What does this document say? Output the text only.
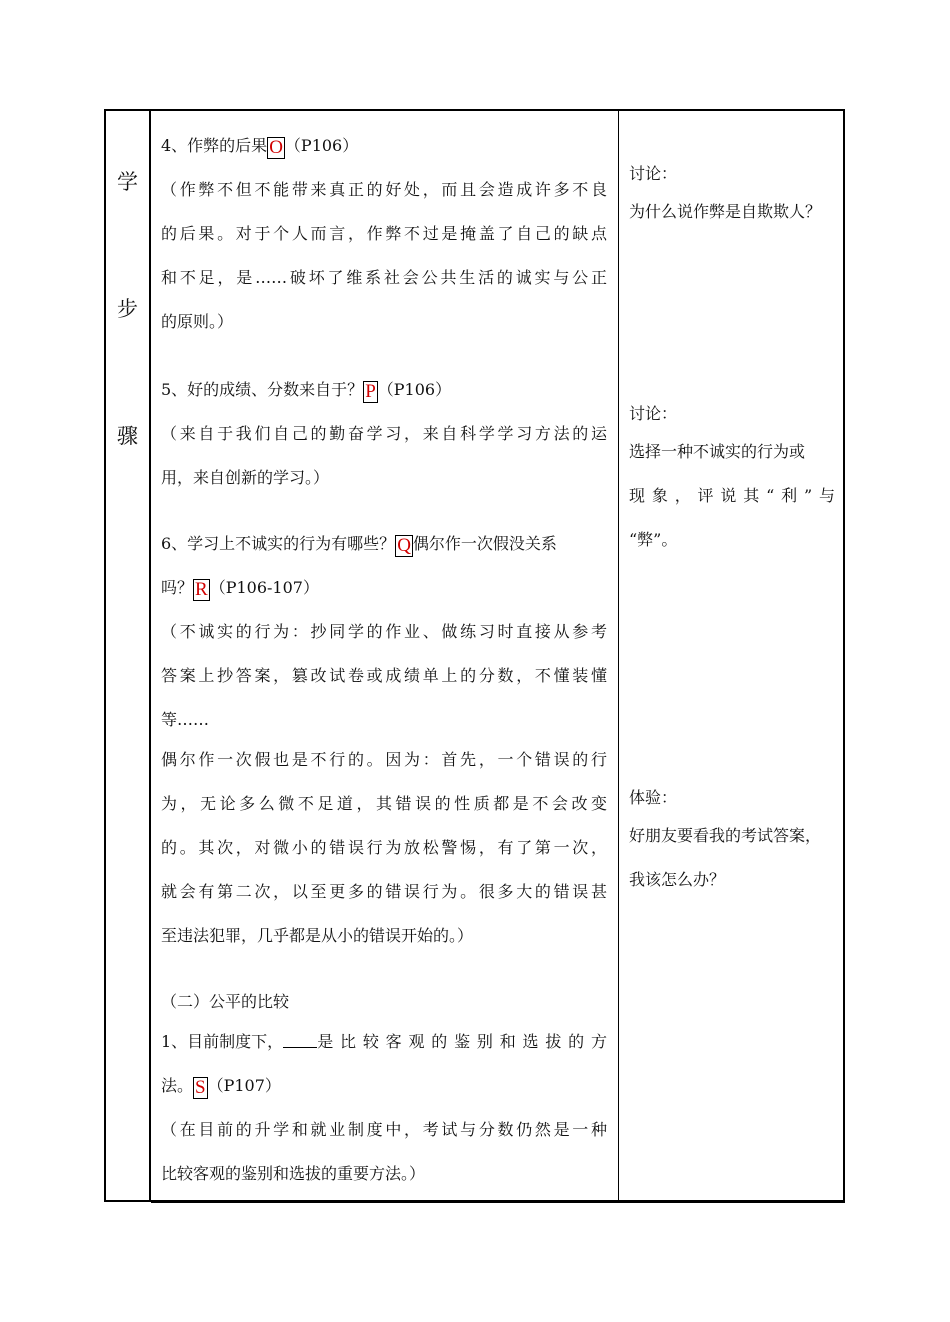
学
步
骤
4、作弊的后果 O （P106）
（作弊不但不能带来真正的好处，而且会造成许多不良
的后果。对于个人而言，作弊不过是掩盖了自己的缺点
和不足，是……破坏了维系社会公共生活的诚实与公正
的原则。）
5、好的成绩、分数来自于？ P （P106）
（来自于我们自己的勤奋学习，来自科学学习方法的运
用，来自创新的学习。）
6、学习上不诚实的行为有哪些？ Q 偶尔作一次假没关系
吗？ R （P106-107）
（不诚实的行为：抄同学的作业、做练习时直接从参考
答案上抄答案，篡改试卷或成绩单上的分数，不懂装懂
等……
偶尔作一次假也是不行的。因为：首先，一个错误的行
为，无论多么微不足道，其错误的性质都是不会改变
的。其次，对微小的错误行为放松警惕，有了第一次，
就会有第二次，以至更多的错误行为。很多大的错误甚
至违法犯罪，几乎都是从小的错误开始的。）
（二）公平的比较
1、目前制度下， 是比较客观的鉴别和选拔的方
法。 S （P107）
（在目前的升学和就业制度中，考试与分数仍然是一种
比较客观的鉴别和选拔的重要方法。）
讨论：
为什么说作弊是自欺欺人？
讨论：
选择一种不诚实的行为或
现象，评说其“利”与
“弊”。
体验：
好朋友要看我的考试答案，
我该怎么办？
